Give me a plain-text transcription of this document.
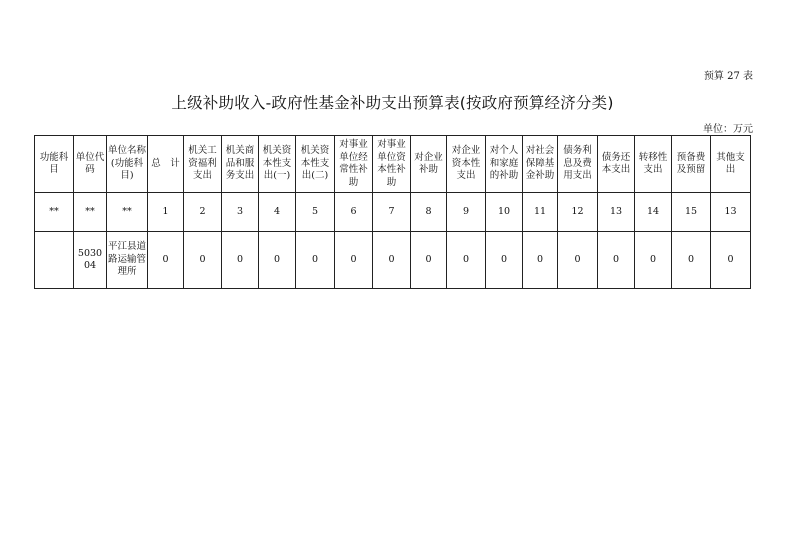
预算 27 表
上级补助收入-政府性基金补助支出预算表(按政府预算经济分类)
单位：万元
功能科目	单位代码	单位名称(功能科目)	总　计	机关工资福利支出	机关商品和服务支出	机关资本性支出(一)	机关资本性支出(二)	对事业单位经常性补助	对事业单位资本性补助	对企业补助	对企业资本性支出	对个人和家庭的补助	对社会保障基金补助	债务利息及费用支出	债务还本支出	转移性支出	预备费及预留	其他支出
**	**	**	1	2	3	4	5	6	7	8	9	10	11	12	13	14	15	13
	503004	平江县道路运输管理所	0	0	0	0	0	0	0	0	0	0	0	0	0	0	0	0
